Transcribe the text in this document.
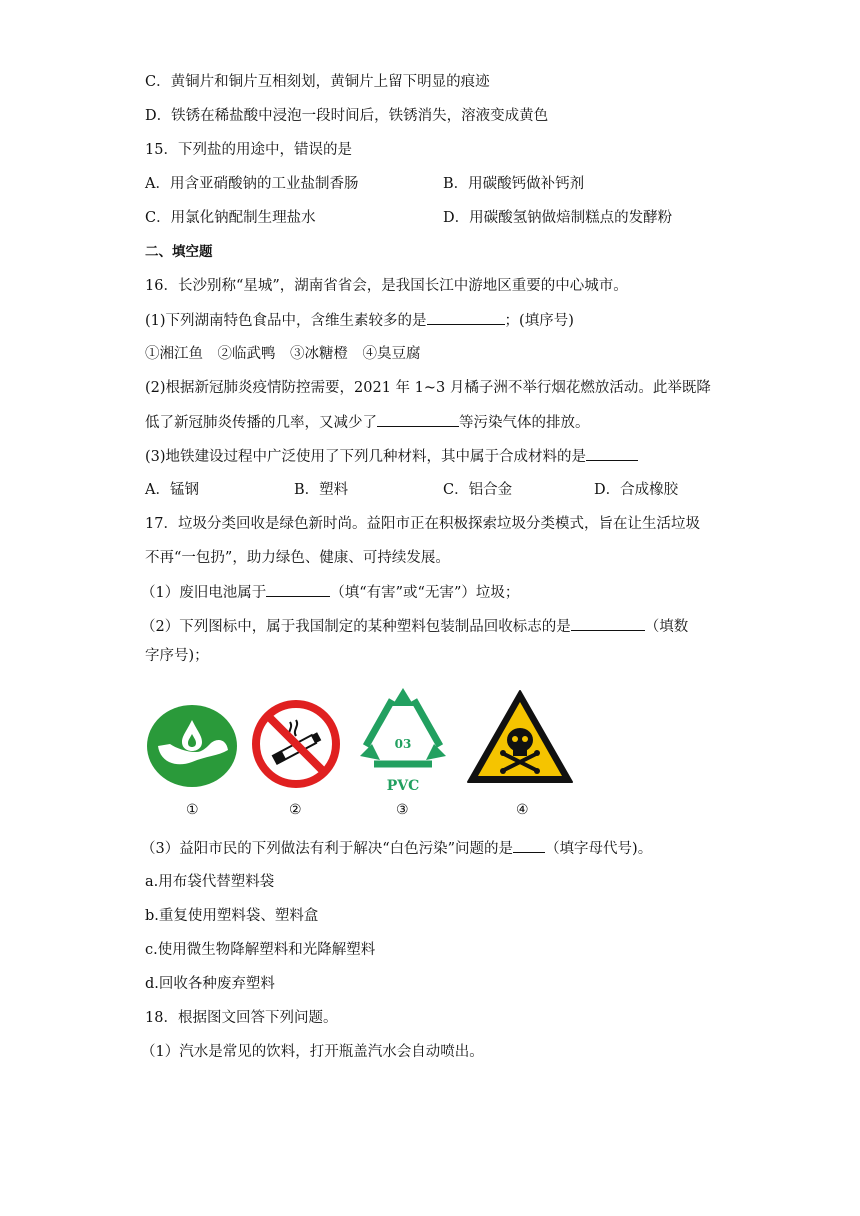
C．黄铜片和铜片互相刻划，黄铜片上留下明显的痕迹
D．铁锈在稀盐酸中浸泡一段时间后，铁锈消失，溶液变成黄色
15．下列盐的用途中，错误的是
A．用含亚硝酸钠的工业盐制香肠	B．用碳酸钙做补钙剂
C．用氯化钠配制生理盐水	D．用碳酸氢钠做焙制糕点的发酵粉
二、填空题
16．长沙别称“星城”，湖南省省会，是我国长江中游地区重要的中心城市。
(1)下列湖南特色食品中，含维生素较多的是	；(填序号)
①湘江鱼　②临武鸭　③冰糖橙　④臭豆腐
(2)根据新冠肺炎疫情防控需要，2021 年 1~3 月橘子洲不举行烟花燃放活动。此举既降
低了新冠肺炎传播的几率，又减少了	等污染气体的排放。
(3)地铁建设过程中广泛使用了下列几种材料，其中属于合成材料的是
A．锰钢	B．塑料	C．铝合金	D．合成橡胶
17．垃圾分类回收是绿色新时尚。益阳市正在积极探索垃圾分类模式，旨在让生活垃圾
不再“一包扔”，助力绿色、健康、可持续发展。
（1）废旧电池属于	（填“有害”或“无害”）垃圾；
（2）下列图标中，属于我国制定的某种塑料包装制品回收标志的是	（填数
字序号)；
①	②
03
PVC
③	④
（3）益阳市民的下列做法有利于解决“白色污染”问题的是 （填字母代号)。
a.用布袋代替塑料袋
b.重复使用塑料袋、塑料盒
c.使用微生物降解塑料和光降解塑料
d.回收各种废弃塑料
18．根据图文回答下列问题。
（1）汽水是常见的饮料，打开瓶盖汽水会自动喷出。
